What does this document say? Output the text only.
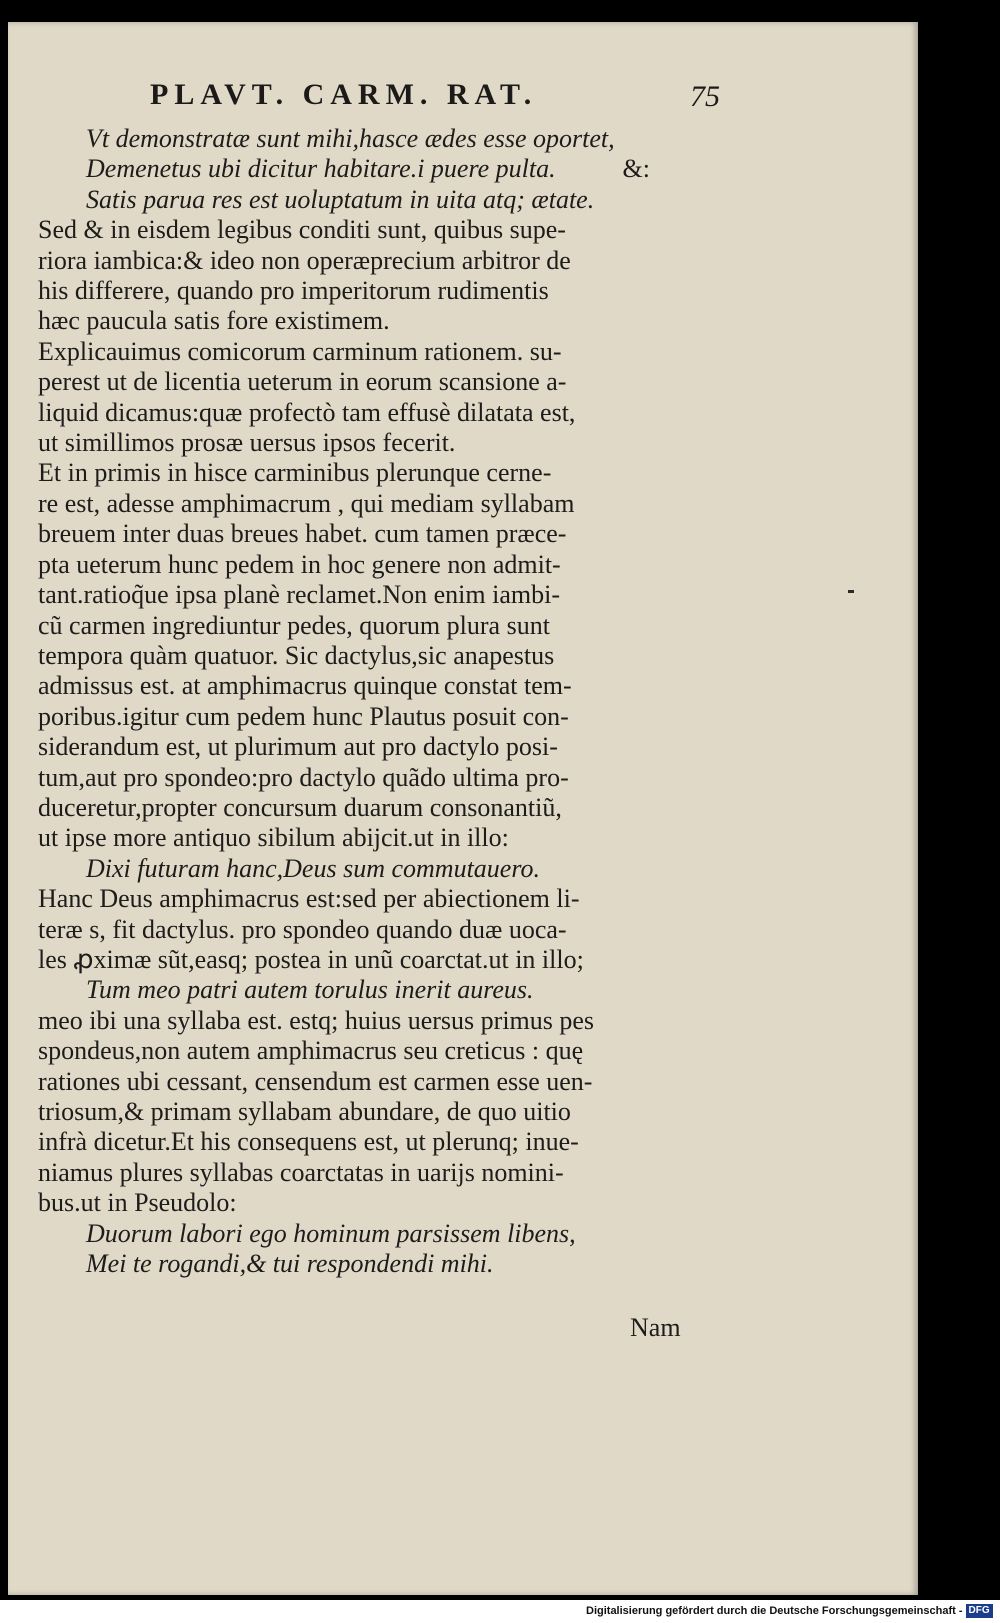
PLAVT. CARM. RAT.	75
Vt demonstratæ sunt mihi,hasce ædes esse oportet,
Demenetus ubi dicitur habitare.i puere pulta.	&:
Satis parua res est uoluptatum in uita atq; ætate.
Sed & in eisdem legibus conditi sunt, quibus supe-
riora iambica:& ideo non operæprecium arbitror de
his differere, quando pro imperitorum rudimentis
hæc paucula satis fore existimem.
Explicauimus comicorum carminum rationem. su-
perest ut de licentia ueterum in eorum scansione a-
liquid dicamus:quæ profectò tam effusè dilatata est,
ut simillimos prosæ uersus ipsos fecerit.
Et in primis in hisce carminibus plerunque cerne-
re est, adesse amphimacrum , qui mediam syllabam
breuem inter duas breues habet. cum tamen præce-
pta ueterum hunc pedem in hoc genere non admit-
tant.ratioq̃ue ipsa planè reclamet.Non enim iambi-
cũ carmen ingrediuntur pedes, quorum plura sunt
tempora quàm quatuor. Sic dactylus,sic anapestus
admissus est. at amphimacrus quinque constat tem-
poribus.igitur cum pedem hunc Plautus posuit con-
siderandum est, ut plurimum aut pro dactylo posi-
tum,aut pro spondeo:pro dactylo quãdo ultima pro-
duceretur,propter concursum duarum consonantiũ,
ut ipse more antiquo sibilum abijcit.ut in illo:
Dixi futuram hanc,Deus sum commutauero.
Hanc Deus amphimacrus est:sed per abiectionem li-
teræ s, fit dactylus. pro spondeo quando duæ uoca-
les ꝓximæ sũt,easq; postea in unũ coarctat.ut in illo;
Tum meo patri autem torulus inerit aureus.
meo ibi una syllaba est. estq; huius uersus primus pes
spondeus,non autem amphimacrus seu creticus : quę
rationes ubi cessant, censendum est carmen esse uen-
triosum,& primam syllabam abundare, de quo uitio
infrà dicetur.Et his consequens est, ut plerunq; inue-
niamus plures syllabas coarctatas in uarijs nomini-
bus.ut in Pseudolo:
Duorum labori ego hominum parsissem libens,
Mei te rogandi,& tui respondendi mihi.
Nam
Digitalisierung gefördert durch die Deutsche Forschungsgemeinschaft - DFG
